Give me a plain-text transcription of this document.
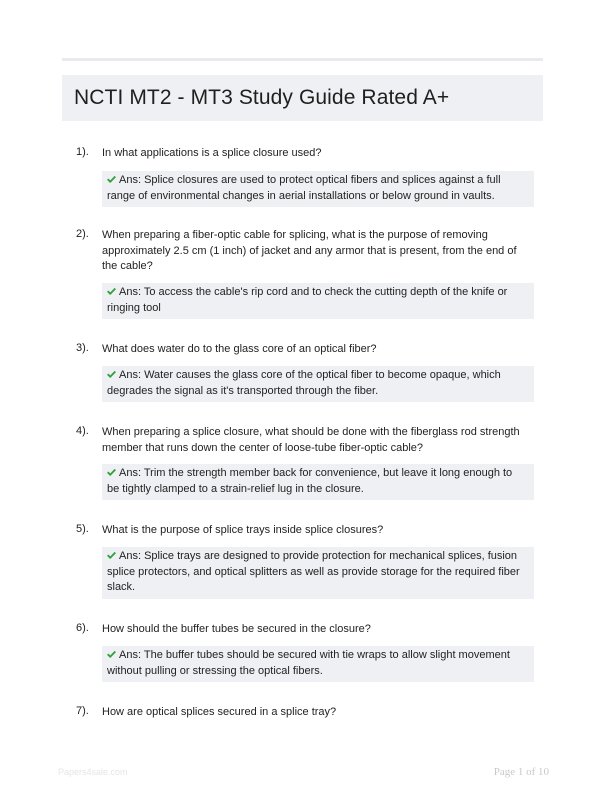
NCTI MT2 - MT3 Study Guide Rated A+
1). In what applications is a splice closure used?
Ans: Splice closures are used to protect optical fibers and splices against a full range of environmental changes in aerial installations or below ground in vaults.
2). When preparing a fiber-optic cable for splicing, what is the purpose of removing approximately 2.5 cm (1 inch) of jacket and any armor that is present, from the end of the cable?
Ans: To access the cable's rip cord and to check the cutting depth of the knife or ringing tool
3). What does water do to the glass core of an optical fiber?
Ans: Water causes the glass core of the optical fiber to become opaque, which degrades the signal as it's transported through the fiber.
4). When preparing a splice closure, what should be done with the fiberglass rod strength member that runs down the center of loose-tube fiber-optic cable?
Ans: Trim the strength member back for convenience, but leave it long enough to be tightly clamped to a strain-relief lug in the closure.
5). What is the purpose of splice trays inside splice closures?
Ans: Splice trays are designed to provide protection for mechanical splices, fusion splice protectors, and optical splitters as well as provide storage for the required fiber slack.
6). How should the buffer tubes be secured in the closure?
Ans: The buffer tubes should be secured with tie wraps to allow slight movement without pulling or stressing the optical fibers.
7). How are optical splices secured in a splice tray?
Papers4sale.com	Page 1 of 10
